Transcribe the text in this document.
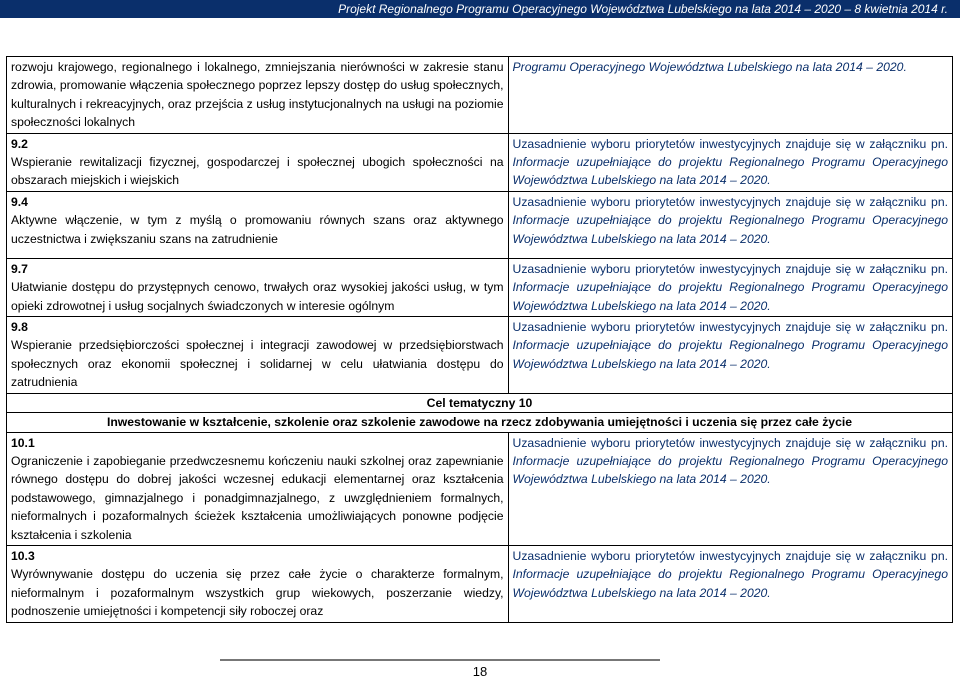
Projekt Regionalnego Programu Operacyjnego Województwa Lubelskiego na lata 2014 – 2020 – 8 kwietnia 2014 r.
rozwoju krajowego, regionalnego i lokalnego, zmniejszania nierówności w zakresie stanu zdrowia, promowanie włączenia społecznego poprzez lepszy dostęp do usług społecznych, kulturalnych i rekreacyjnych, oraz przejścia z usług instytucjonalnych na usługi na poziomie społeczności lokalnych	Programu Operacyjnego Województwa Lubelskiego na lata 2014 – 2020.

9.2
Wspieranie rewitalizacji fizycznej, gospodarczej i społecznej ubogich społeczności na obszarach miejskich i wiejskich	Uzasadnienie wyboru priorytetów inwestycyjnych znajduje się w załączniku pn. Informacje uzupełniające do projektu Regionalnego Programu Operacyjnego Województwa Lubelskiego na lata 2014 – 2020.

9.4
Aktywne włączenie, w tym z myślą o promowaniu równych szans oraz aktywnego uczestnictwa i zwiększaniu szans na zatrudnienie	Uzasadnienie wyboru priorytetów inwestycyjnych znajduje się w załączniku pn. Informacje uzupełniające do projektu Regionalnego Programu Operacyjnego Województwa Lubelskiego na lata 2014 – 2020.

9.7
Ułatwianie dostępu do przystępnych cenowo, trwałych oraz wysokiej jakości usług, w tym opieki zdrowotnej i usług socjalnych świadczonych w interesie ogólnym	Uzasadnienie wyboru priorytetów inwestycyjnych znajduje się w załączniku pn. Informacje uzupełniające do projektu Regionalnego Programu Operacyjnego Województwa Lubelskiego na lata 2014 – 2020.

9.8
Wspieranie przedsiębiorczości społecznej i integracji zawodowej w przedsiębiorstwach społecznych oraz ekonomii społecznej i solidarnej w celu ułatwiania dostępu do zatrudnienia	Uzasadnienie wyboru priorytetów inwestycyjnych znajduje się w załączniku pn. Informacje uzupełniające do projektu Regionalnego Programu Operacyjnego Województwa Lubelskiego na lata 2014 – 2020.
Cel tematyczny 10	
Inwestowanie w kształcenie, szkolenie oraz szkolenie zawodowe na rzecz zdobywania umiejętności i uczenia się przez całe życie	

10.1
Ograniczenie i zapobieganie przedwczesnemu kończeniu nauki szkolnej oraz zapewnianie równego dostępu do dobrej jakości wczesnej edukacji elementarnej oraz kształcenia podstawowego, gimnazjalnego i ponadgimnazjalnego, z uwzględnieniem formalnych, nieformalnych i pozaformalnych ścieżek kształcenia umożliwiających ponowne podjęcie kształcenia i szkolenia	Uzasadnienie wyboru priorytetów inwestycyjnych znajduje się w załączniku pn. Informacje uzupełniające do projektu Regionalnego Programu Operacyjnego Województwa Lubelskiego na lata 2014 – 2020.

10.3
Wyrównywanie dostępu do uczenia się przez całe życie o charakterze formalnym, nieformalnym i pozaformalnym wszystkich grup wiekowych, poszerzanie wiedzy, podnoszenie umiejętności i kompetencji siły roboczej oraz	Uzasadnienie wyboru priorytetów inwestycyjnych znajduje się w załączniku pn. Informacje uzupełniające do projektu Regionalnego Programu Operacyjnego Województwa Lubelskiego na lata 2014 – 2020.
18
